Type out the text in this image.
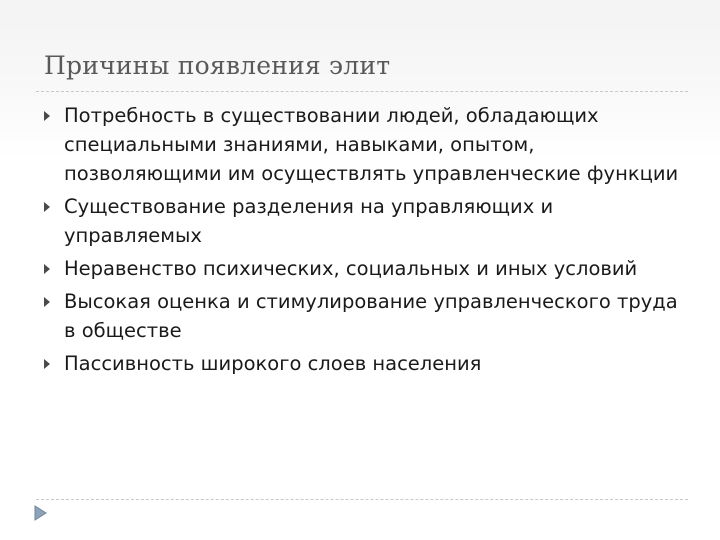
Причины появления элит
Потребность в существовании людей, обладающих специальными знаниями, навыками, опытом, позволяющими им осуществлять управленческие функции
Существование разделения на управляющих и управляемых
Неравенство психических, социальных и иных условий
Высокая оценка и стимулирование управленческого труда в обществе
Пассивность широкого слоев населения
